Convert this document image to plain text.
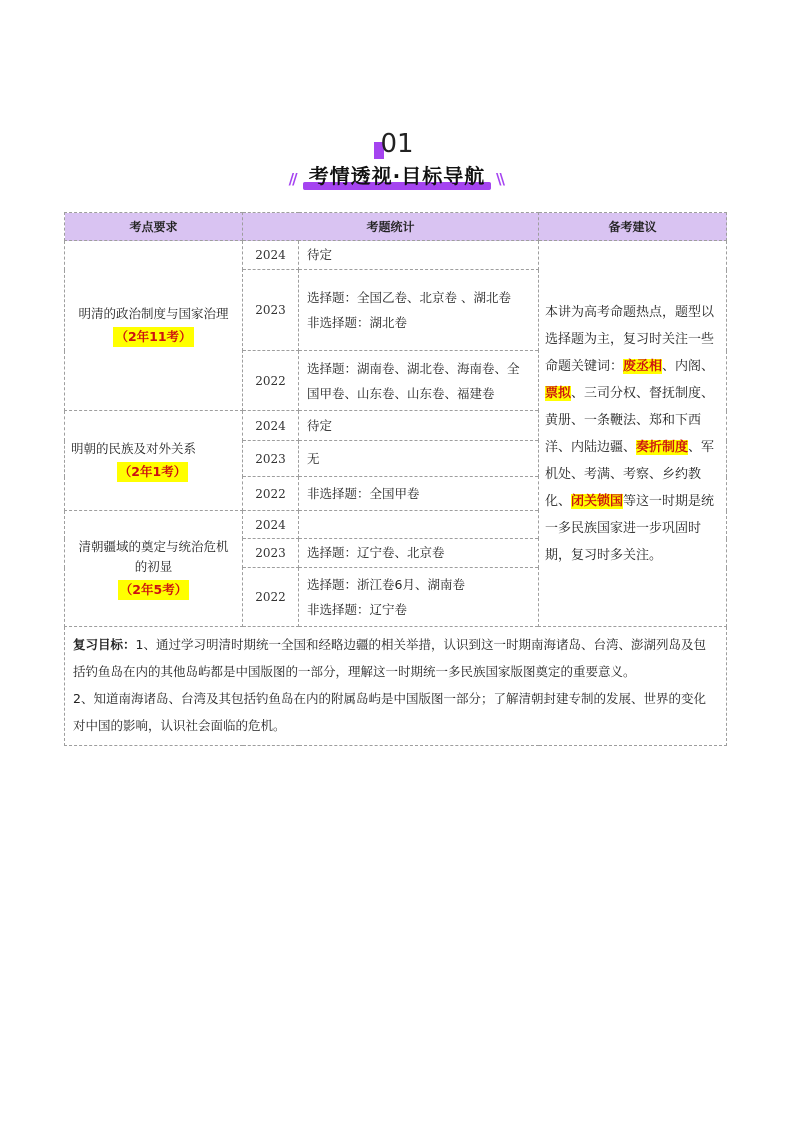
01
// 考情透视·目标导航 //
考点要求	考题统计		备考建议

明清的政治制度与国家治理
（2年11考）	2024	待定	本讲为高考命题热点，题型以选择题为主，复习时关注一些命题关键词：废丞相、内阁、票拟、三司分权、督抚制度、黄册、一条鞭法、郑和下西洋、内陆边疆、奏折制度、军机处、考满、考察、乡约教化、闭关锁国等这一时期是统一多民族国家进一步巩固时期，复习时多关注。
	2023	选择题：全国乙卷、北京卷 、湖北卷
非选择题：湖北卷	

	2022	选择题：湖南卷、湖北卷、海南卷、全国甲卷、山东卷、山东卷、福建卷	

明朝的民族及对外关系
（2年1考）	2024	待定	
	2023	无	
	2022	非选择题：全国甲卷	

清朝疆域的奠定与统治危机的初显
（2年5考）	2024		
	2023	选择题：辽宁卷、北京卷	
	2022	选择题：浙江卷6月、湖南卷
非选择题：辽宁卷	

复习目标：1、通过学习明清时期统一全国和经略边疆的相关举措，认识到这一时期南海诸岛、台湾、澎湖列岛及包括钓鱼岛在内的其他岛屿都是中国版图的一部分，理解这一时期统一多民族国家版图奠定的重要意义。
2、知道南海诸岛、台湾及其包括钓鱼岛在内的附属岛屿是中国版图一部分；了解清朝封建专制的发展、世界的变化对中国的影响，认识社会面临的危机。			
